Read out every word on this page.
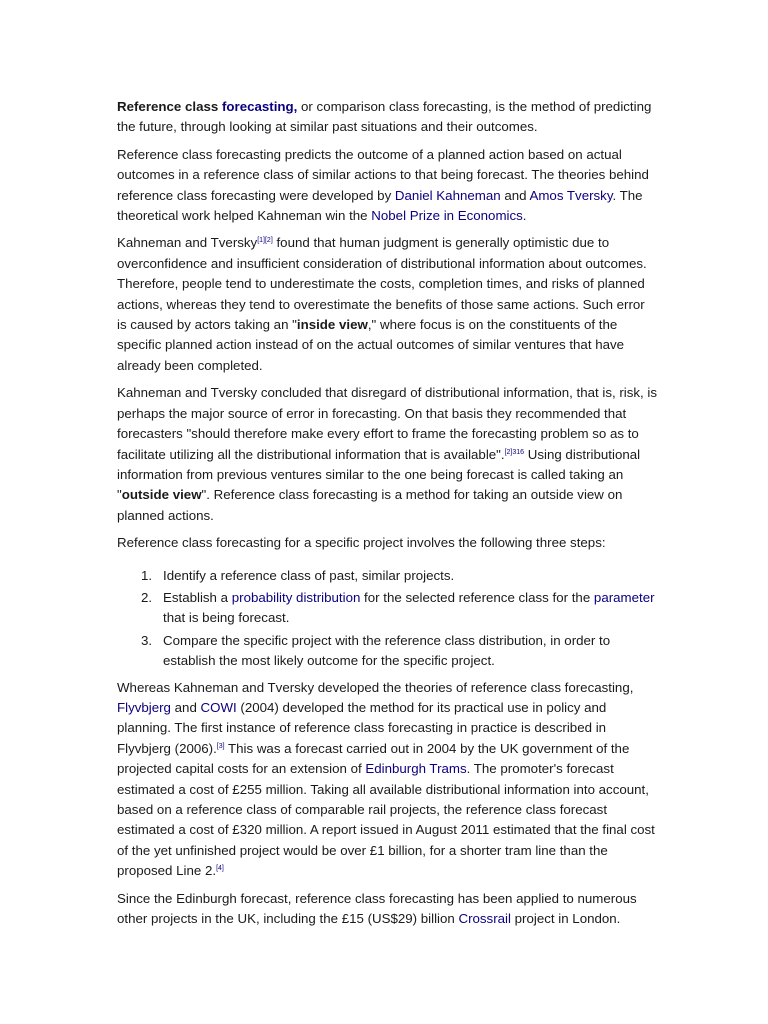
Reference class forecasting, or comparison class forecasting, is the method of predicting the future, through looking at similar past situations and their outcomes.

Reference class forecasting predicts the outcome of a planned action based on actual outcomes in a reference class of similar actions to that being forecast. The theories behind reference class forecasting were developed by Daniel Kahneman and Amos Tversky. The theoretical work helped Kahneman win the Nobel Prize in Economics.

Kahneman and Tversky[1][2] found that human judgment is generally optimistic due to overconfidence and insufficient consideration of distributional information about outcomes. Therefore, people tend to underestimate the costs, completion times, and risks of planned actions, whereas they tend to overestimate the benefits of those same actions. Such error is caused by actors taking an "inside view," where focus is on the constituents of the specific planned action instead of on the actual outcomes of similar ventures that have already been completed.

Kahneman and Tversky concluded that disregard of distributional information, that is, risk, is perhaps the major source of error in forecasting. On that basis they recommended that forecasters "should therefore make every effort to frame the forecasting problem so as to facilitate utilizing all the distributional information that is available".$^{[2]316}$ Using distributional information from previous ventures similar to the one being forecast is called taking an "outside view". Reference class forecasting is a method for taking an outside view on planned actions.

Reference class forecasting for a specific project involves the following three steps:

1. Identify a reference class of past, similar projects.
2. Establish a probability distribution for the selected reference class for the parameter that is being forecast.
3. Compare the specific project with the reference class distribution, in order to establish the most likely outcome for the specific project.

Whereas Kahneman and Tversky developed the theories of reference class forecasting, Flyvbjerg and COWI (2004) developed the method for its practical use in policy and planning. The first instance of reference class forecasting in practice is described in Flyvbjerg (2006).[3] This was a forecast carried out in 2004 by the UK government of the projected capital costs for an extension of Edinburgh Trams. The promoter's forecast estimated a cost of £255 million. Taking all available distributional information into account, based on a reference class of comparable rail projects, the reference class forecast estimated a cost of £320 million. A report issued in August 2011 estimated that the final cost of the yet unfinished project would be over £1 billion, for a shorter tram line than the proposed Line 2.[4]

Since the Edinburgh forecast, reference class forecasting has been applied to numerous other projects in the UK, including the £15 (US$29) billion Crossrail project in London.
